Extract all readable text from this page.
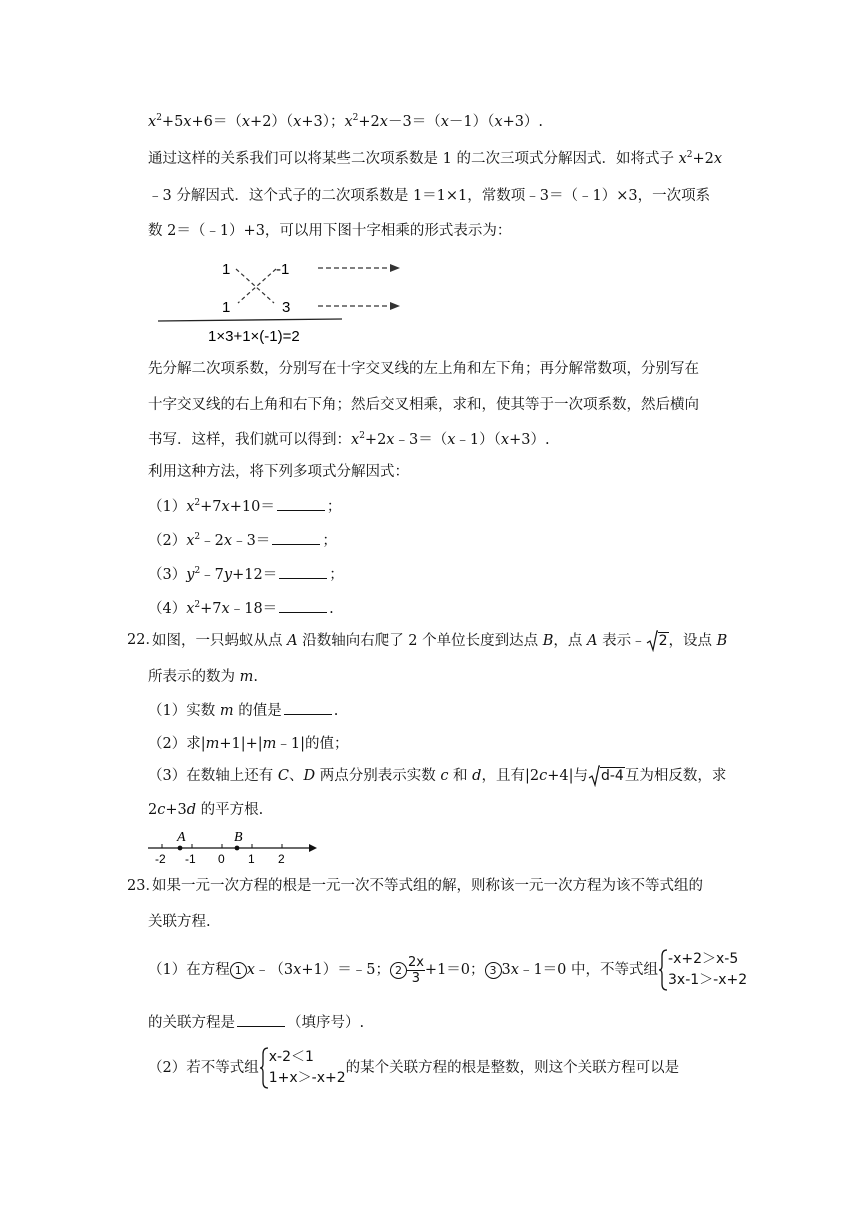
$x^2+5x+6=(x+2)(x+3)$；$x^2+2x-3=(x-1)(x+3)$.
通过这样的关系我们可以将某些二次项系数是 1 的二次三项式分解因式．如将式子 $x^2+2x$
﹣3 分解因式．这个式子的二次项系数是 1＝1×1，常数项﹣3＝（﹣1）×3，一次项系
数 2＝（﹣1）+3，可以用下图十字相乘的形式表示为：
1	-1
1	3
1×3+1×(-1)=2
先分解二次项系数，分别写在十字交叉线的左上角和左下角；再分解常数项，分别写在
十字交叉线的右上角和右下角；然后交叉相乘，求和，使其等于一次项系数，然后横向
书写．这样，我们就可以得到：$x^2+2x﹣3=(x﹣1)(x+3)$.
利用这种方法，将下列多项式分解因式：
$(1)x^2+7x+10=$	；
$(2)x^2﹣2x﹣3=$	；
$(3)y^2﹣7y+12=$	；
$(4)x^2+7x﹣18=$	.
22．
如图，一只蚂蚁从点 A 沿数轴向右爬了 2 个单位长度到达点 B，点 A 表示﹣ 2，设点 B
所表示的数为 m.
（1）实数 m 的值是	.
（2）求|m+1|+|m﹣1|的值；
（3）在数轴上还有 C、D 两点分别表示实数 c 和 d，且有|2c+4|与 d-4互为相反数，求
2c+3d 的平方根.
A	B
-2 -1 0 1 2
23．
如果一元一次方程的根是一元一次不等式组的解，则称该一元一次方程为该不等式组的
关联方程.
（1）在方程 1 x﹣（3x+1）＝﹣5； $2 \frac{2x}{3} +1=0$； 3 3x﹣1＝0 中，不等式组
-x+2＞x-5
3x-1＞-x+2
的关联方程是	（填序号）.
（2）若不等式组
x-2＜1
1+x＞-x+2
的某个关联方程的根是整数，则这个关联方程可以是
